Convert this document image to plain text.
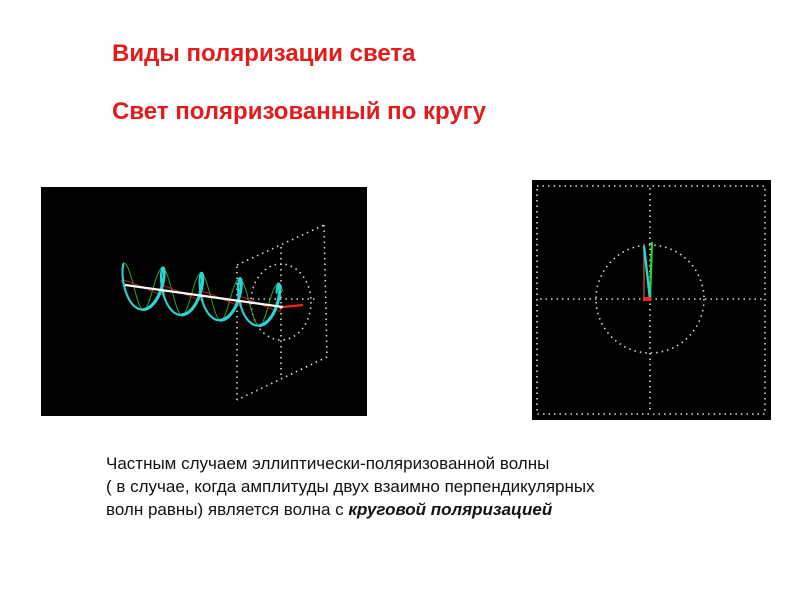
Виды поляризации света
Свет поляризованный по кругу
Частным случаем эллиптически-поляризованной волны
( в случае, когда амплитуды двух взаимно перпендикулярных
волн равны) является волна с круговой поляризацией
